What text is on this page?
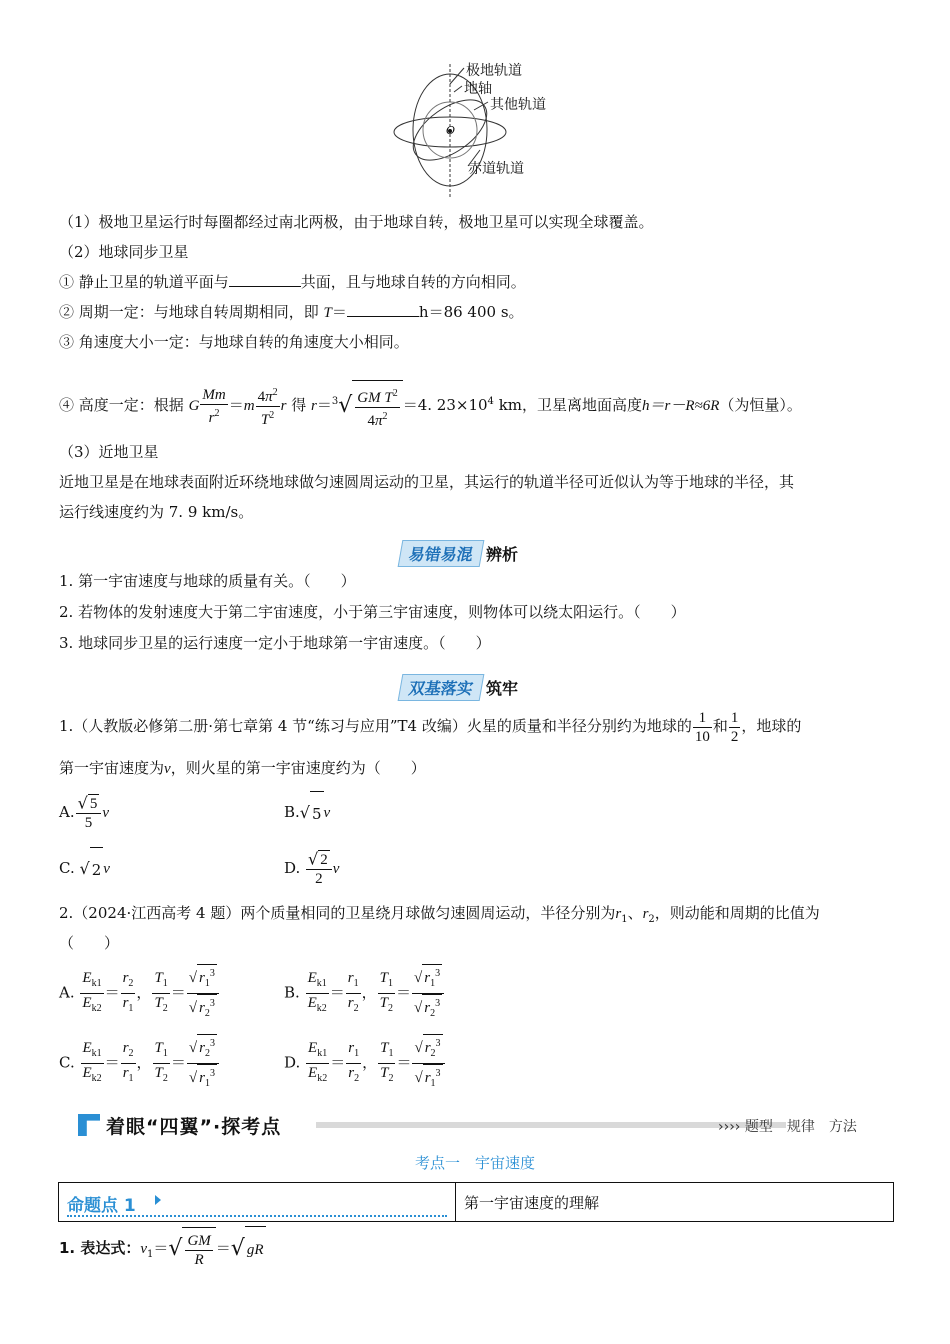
O
极地轨道
地轴
其他轨道
赤道轨道
（1）极地卫星运行时每圈都经过南北两极，由于地球自转，极地卫星可以实现全球覆盖。
（2）地球同步卫星
① 静止卫星的轨道平面与	共面，且与地球自转的方向相同。
② 周期一定：与地球自转周期相同，即 T＝	h＝86 400 s。
③ 角速度大小一定：与地球自转的角速度大小相同。
④ 高度一定：根据 G $\frac{Mm}{r^2} =m \frac{4\pi^2}{T^2}$ r 得 $r=^3√ \frac{GM T^2}{4\pi^2} =4$. $23\times 10^4$ km，卫星离地面高度h＝r－R≈6R（为恒量）。
（3）近地卫星
近地卫星是在地球表面附近环绕地球做匀速圆周运动的卫星，其运行的轨道半径可近似认为等于地球的半径，其
运行线速度约为 7. 9 km/s。
易错易混 辨析
1. 第一宇宙速度与地球的质量有关。（　　）
2. 若物体的发射速度大于第二宇宙速度，小于第三宇宙速度，则物体可以绕太阳运行。（　　）
3. 地球同步卫星的运行速度一定小于地球第一宇宙速度。（　　）
双基落实 筑牢
1.（人教版必修第二册·第七章第 4 节“练习与应用”T4 改编）火星的质量和半径分别约为地球的 $\frac{1}{10}$ 和 $\frac{1}{2}$ ，地球的
第一宇宙速度为v，则火星的第一宇宙速度约为（　　）
A. $\frac{√ 5}{5}$ v	B.√ 5 v
C. √ 2 v	D. $\frac{√ 2}{2}$ v
2.（2024·江西高考 4 题）两个质量相同的卫星绕月球做匀速圆周运动，半径分别为$r_1$、$r_2$，则动能和周期的比值为
（　　）
A. $\frac{E_{k1}}{E_{k2}} = \frac{r_2}{r_1}$ ， $\frac{T_1}{T_2} = \frac{√ r_1^3}{√ r_2^3}$	B. $\frac{E_{k1}}{E_{k2}} = \frac{r_1}{r_2}$ ， $\frac{T_1}{T_2} = \frac{√ r_1^3}{√ r_2^3}$
C. $\frac{E_{k1}}{E_{k2}} = \frac{r_2}{r_1}$ ， $\frac{T_1}{T_2} = \frac{√ r_2^3}{√ r_1^3}$	D. $\frac{E_{k1}}{E_{k2}} = \frac{r_1}{r_2}$ ， $\frac{T_1}{T_2} = \frac{√ r_2^3}{√ r_1^3}$
着眼“四翼”·探考点	›››› 题型　规律　方法
考点一　宇宙速度
命题点 1	第一宇宙速度的理解
1. 表达式：$v_1=√ \frac{GM}{R}$ ＝√ gR
